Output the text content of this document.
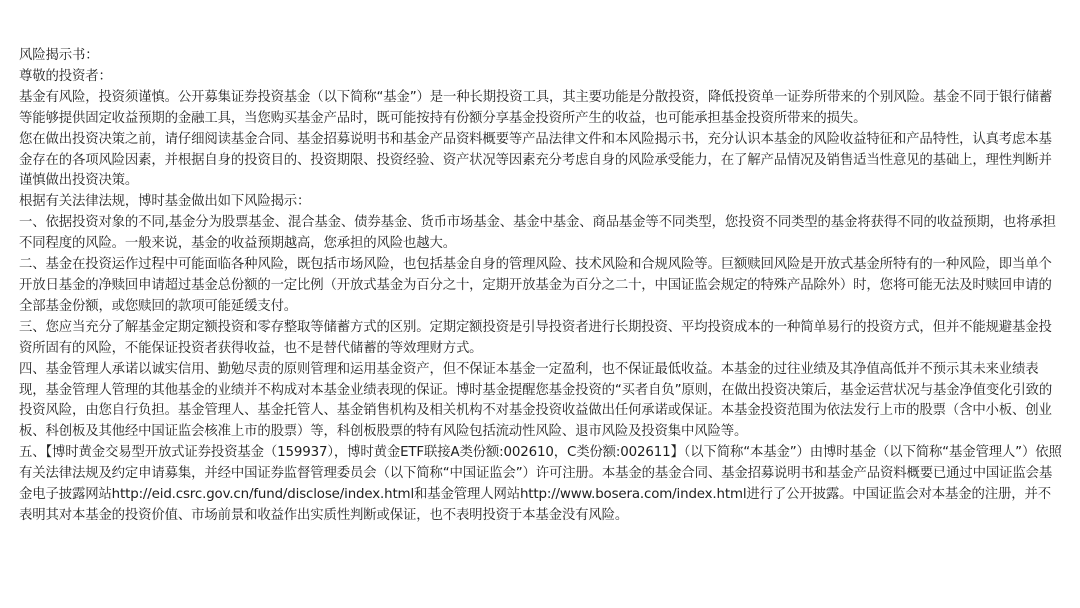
风险揭示书：

尊敬的投资者：

基金有风险，投资须谨慎。公开募集证券投资基金（以下简称“基金”）是一种长期投资工具，其主要功能是分散投资，降低投资单一证券所带来的个别风险。基金不同于银行储蓄等能够提供固定收益预期的金融工具，当您购买基金产品时，既可能按持有份额分享基金投资所产生的收益，也可能承担基金投资所带来的损失。

您在做出投资决策之前，请仔细阅读基金合同、基金招募说明书和基金产品资料概要等产品法律文件和本风险揭示书，充分认识本基金的风险收益特征和产品特性，认真考虑本基金存在的各项风险因素，并根据自身的投资目的、投资期限、投资经验、资产状况等因素充分考虑自身的风险承受能力，在了解产品情况及销售适当性意见的基础上，理性判断并谨慎做出投资决策。

根据有关法律法规，博时基金做出如下风险揭示：

一、依据投资对象的不同,基金分为股票基金、混合基金、债券基金、货币市场基金、基金中基金、商品基金等不同类型，您投资不同类型的基金将获得不同的收益预期，也将承担不同程度的风险。一般来说，基金的收益预期越高，您承担的风险也越大。

二、基金在投资运作过程中可能面临各种风险，既包括市场风险，也包括基金自身的管理风险、技术风险和合规风险等。巨额赎回风险是开放式基金所特有的一种风险，即当单个开放日基金的净赎回申请超过基金总份额的一定比例（开放式基金为百分之十，定期开放基金为百分之二十，中国证监会规定的特殊产品除外）时，您将可能无法及时赎回申请的全部基金份额，或您赎回的款项可能延缓支付。

三、您应当充分了解基金定期定额投资和零存整取等储蓄方式的区别。定期定额投资是引导投资者进行长期投资、平均投资成本的一种简单易行的投资方式，但并不能规避基金投资所固有的风险，不能保证投资者获得收益，也不是替代储蓄的等效理财方式。

四、基金管理人承诺以诚实信用、勤勉尽责的原则管理和运用基金资产，但不保证本基金一定盈利，也不保证最低收益。本基金的过往业绩及其净值高低并不预示其未来业绩表现，基金管理人管理的其他基金的业绩并不构成对本基金业绩表现的保证。博时基金提醒您基金投资的“买者自负”原则，在做出投资决策后，基金运营状况与基金净值变化引致的投资风险，由您自行负担。基金管理人、基金托管人、基金销售机构及相关机构不对基金投资收益做出任何承诺或保证。本基金投资范围为依法发行上市的股票（含中小板、创业板、科创板及其他经中国证监会核准上市的股票）等，科创板股票的特有风险包括流动性风险、退市风险及投资集中风险等。

五、【博时黄金交易型开放式证券投资基金（159937），博时黄金ETF联接A类份额:002610，C类份额:002611】（以下简称“本基金”）由博时基金（以下简称“基金管理人”）依照有关法律法规及约定申请募集，并经中国证券监督管理委员会（以下简称“中国证监会”）许可注册。本基金的基金合同、基金招募说明书和基金产品资料概要已通过中国证监会基金电子披露网站http://eid.csrc.gov.cn/fund/disclose/index.html和基金管理人网站http://www.bosera.com/index.html进行了公开披露。中国证监会对本基金的注册，并不表明其对本基金的投资价值、市场前景和收益作出实质性判断或保证，也不表明投资于本基金没有风险。
